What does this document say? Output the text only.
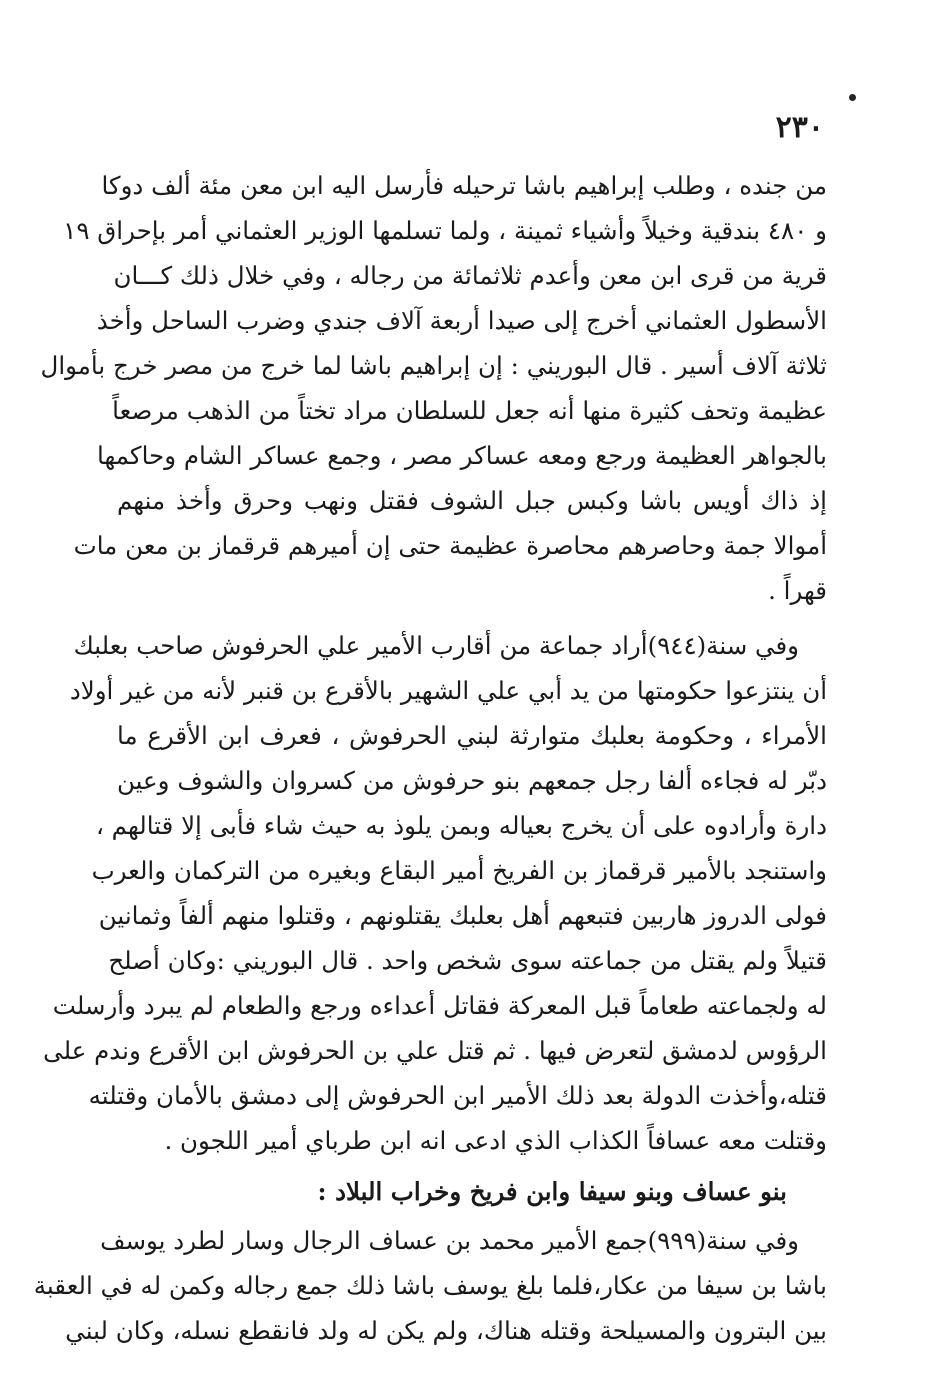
٢٣٠
من جنده ، وطلب إبراهيم باشا ترحيله فأرسل اليه ابن معن مئة ألف دوكا
و ٤٨٠ بندقية وخيلاً وأشياء ثمينة ، ولما تسلمها الوزير العثماني أمر بإحراق ١٩
قرية من قرى ابن معن وأعدم ثلاثمائة من رجاله ، وفي خلال ذلك كـــان
الأسطول العثماني أخرج إلى صيدا أربعة آلاف جندي وضرب الساحل وأخذ
ثلاثة آلاف أسير . قال البوريني : إن إبراهيم باشا لما خرج من مصر خرج بأموال
عظيمة وتحف كثيرة منها أنه جعل للسلطان مراد تختاً من الذهب مرصعاً
بالجواهر العظيمة ورجع ومعه عساكر مصر ، وجمع عساكر الشام وحاكمها
إذ ذاك أويس باشا وكبس جبل الشوف فقتل ونهب وحرق وأخذ منهم
أموالا جمة وحاصرهم محاصرة عظيمة حتى إن أميرهم قرقماز بن معن مات
قهراً .
وفي سنة(٩٤٤)أراد جماعة من أقارب الأمير علي الحرفوش صاحب بعلبك
أن ينتزعوا حكومتها من يد أبي علي الشهير بالأقرع بن قنبر لأنه من غير أولاد
الأمراء ، وحكومة بعلبك متوارثة لبني الحرفوش ، فعرف ابن الأقرع ما
دبّر له فجاءه ألفا رجل جمعهم بنو حرفوش من كسروان والشوف وعين
دارة وأرادوه على أن يخرج بعياله وبمن يلوذ به حيث شاء فأبى إلا قتالهم ،
واستنجد بالأمير قرقماز بن الفريخ أمير البقاع وبغيره من التركمان والعرب
فولى الدروز هاربين فتبعهم أهل بعلبك يقتلونهم ، وقتلوا منهم ألفاً وثمانين
قتيلاً ولم يقتل من جماعته سوى شخص واحد . قال البوريني :وكان أصلح
له ولجماعته طعاماً قبل المعركة فقاتل أعداءه ورجع والطعام لم يبرد وأرسلت
الرؤوس لدمشق لتعرض فيها . ثم قتل علي بن الحرفوش ابن الأقرع وندم على
قتله،وأخذت الدولة بعد ذلك الأمير ابن الحرفوش إلى دمشق بالأمان وقتلته
وقتلت معه عسافاً الكذاب الذي ادعى انه ابن طرباي أمير اللجون .
بنو عساف وبنو سيفا وابن فريخ وخراب البلاد :
وفي سنة(٩٩٩)جمع الأمير محمد بن عساف الرجال وسار لطرد يوسف
باشا بن سيفا من عكار،فلما بلغ يوسف باشا ذلك جمع رجاله وكمن له في العقبة
بين البترون والمسيلحة وقتله هناك، ولم يكن له ولد فانقطع نسله، وكان لبني
